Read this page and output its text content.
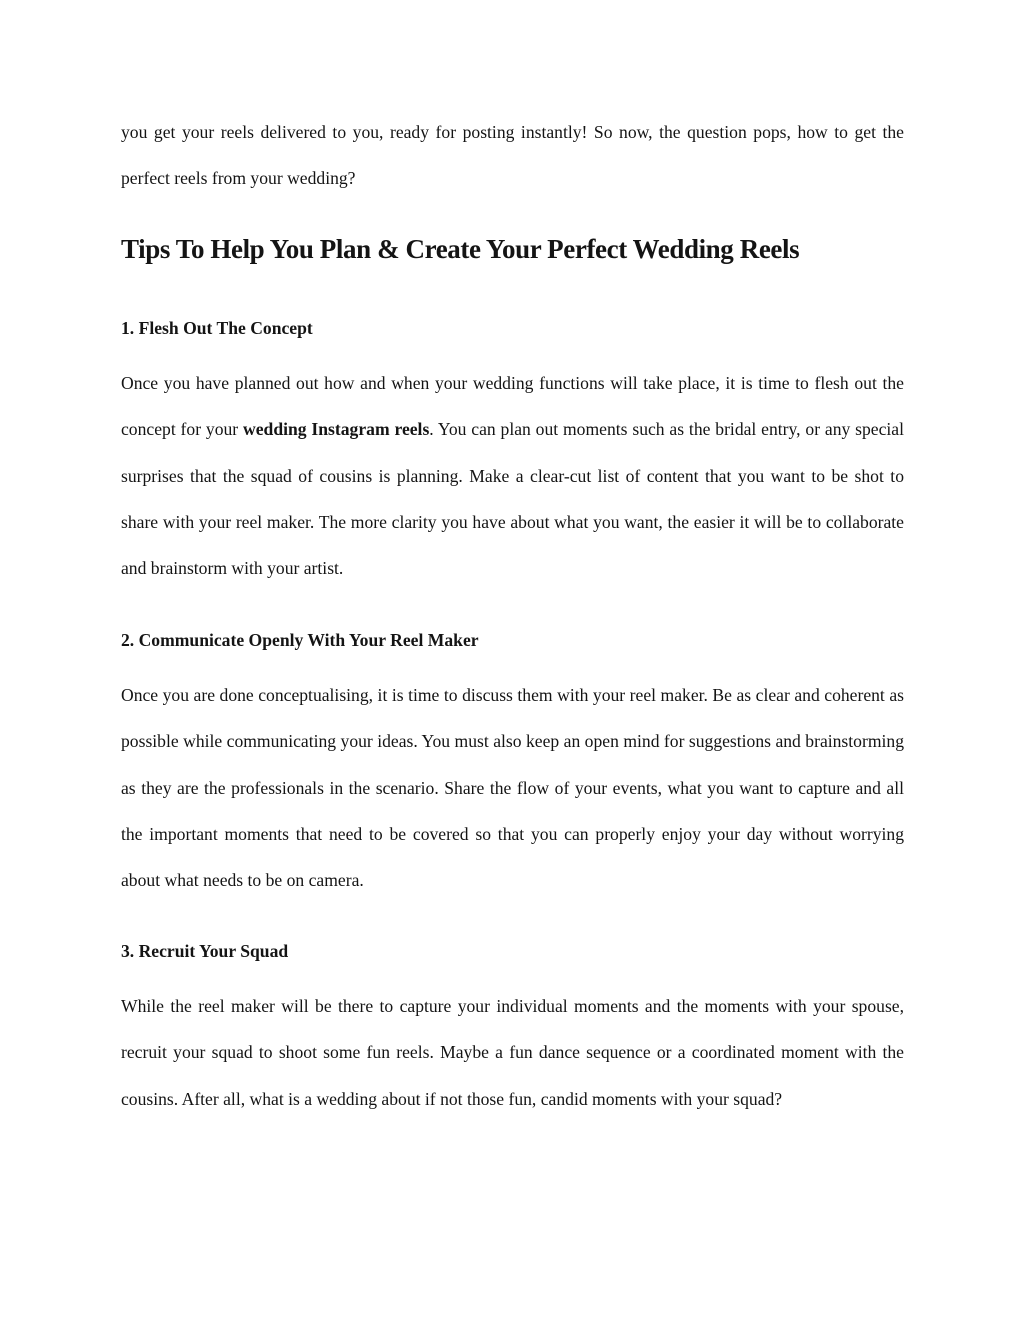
you get your reels delivered to you, ready for posting instantly! So now, the question pops, how to get the perfect reels from your wedding?

Tips To Help You Plan & Create Your Perfect Wedding Reels
1. Flesh Out The Concept

Once you have planned out how and when your wedding functions will take place, it is time to flesh out the concept for your wedding Instagram reels. You can plan out moments such as the bridal entry, or any special surprises that the squad of cousins is planning. Make a clear-cut list of content that you want to be shot to share with your reel maker. The more clarity you have about what you want, the easier it will be to collaborate and brainstorm with your artist.

2. Communicate Openly With Your Reel Maker

Once you are done conceptualising, it is time to discuss them with your reel maker. Be as clear and coherent as possible while communicating your ideas. You must also keep an open mind for suggestions and brainstorming as they are the professionals in the scenario. Share the flow of your events, what you want to capture and all the important moments that need to be covered so that you can properly enjoy your day without worrying about what needs to be on camera.

3. Recruit Your Squad

While the reel maker will be there to capture your individual moments and the moments with your spouse, recruit your squad to shoot some fun reels. Maybe a fun dance sequence or a coordinated moment with the cousins. After all, what is a wedding about if not those fun, candid moments with your squad?
